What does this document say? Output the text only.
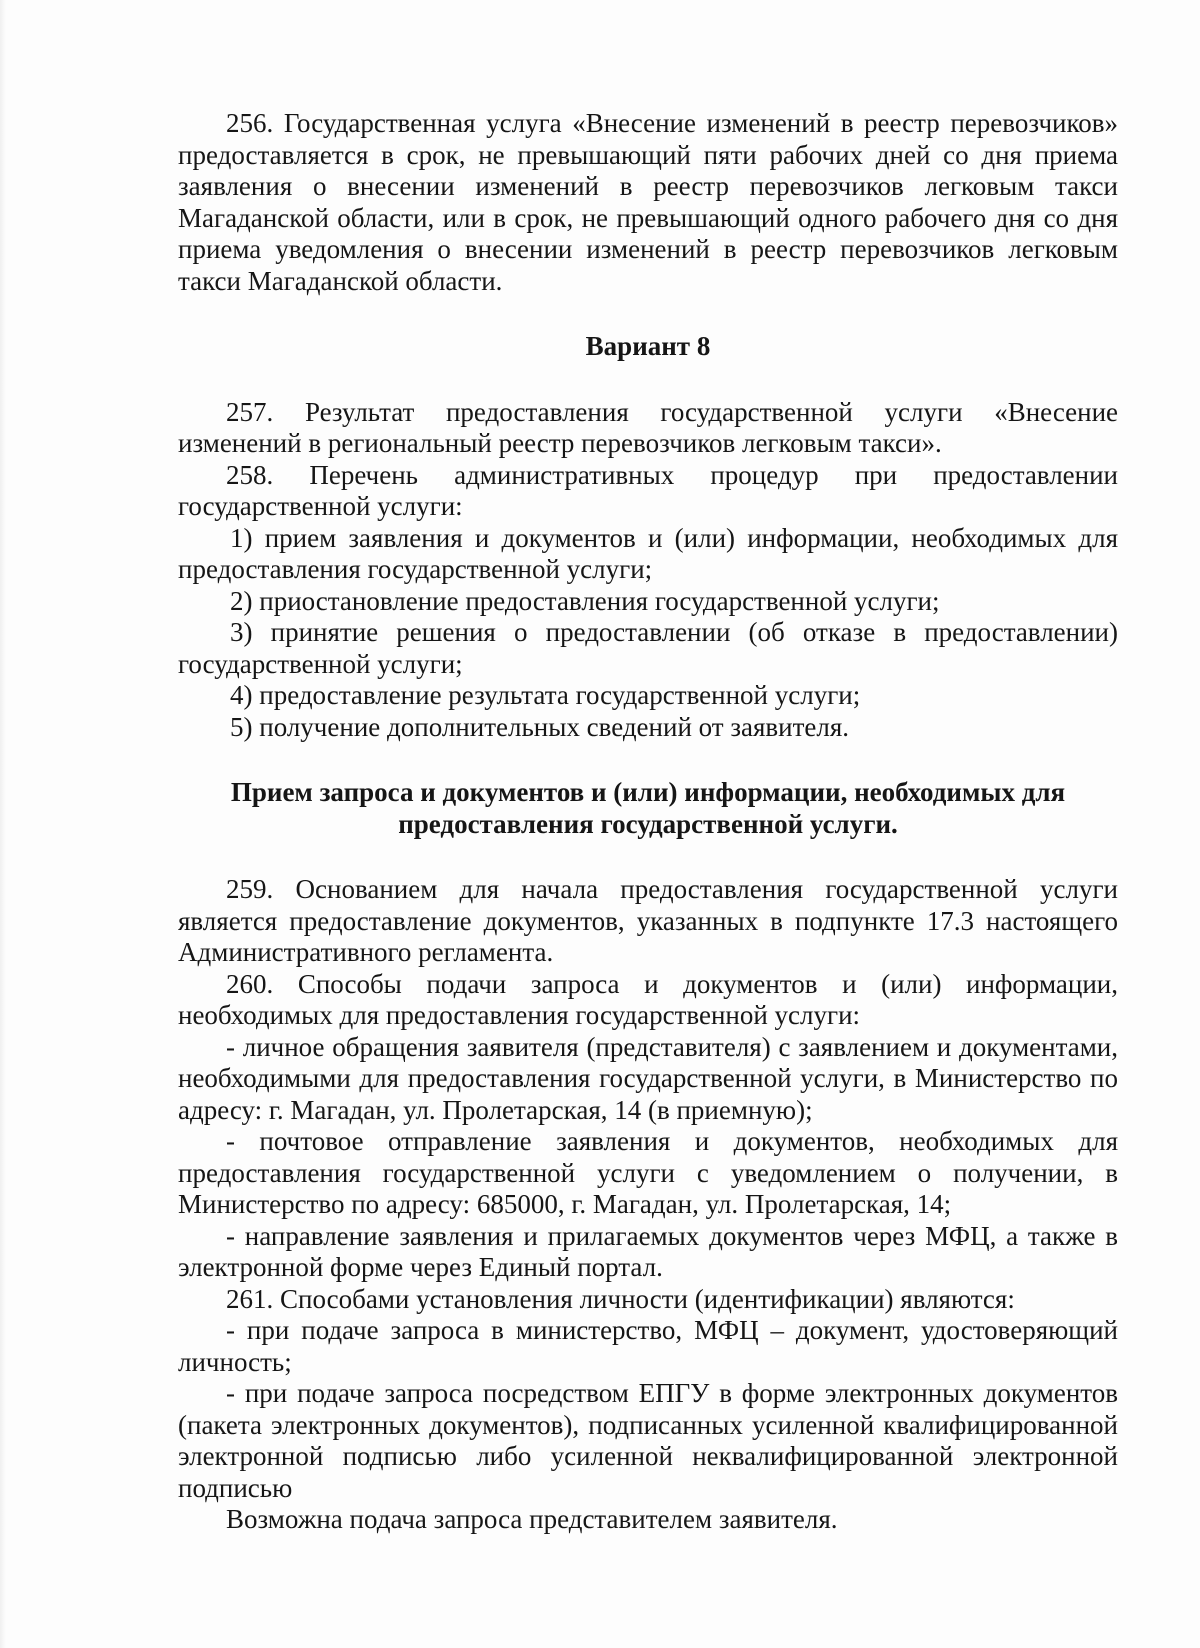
256. Государственная услуга «Внесение изменений в реестр перевозчиков» предоставляется в срок, не превышающий пяти рабочих дней со дня приема заявления о внесении изменений в реестр перевозчиков легковым такси Магаданской области, или в срок, не превышающий одного рабочего дня со дня приема уведомления о внесении изменений в реестр перевозчиков легковым такси Магаданской области.

Вариант 8

257. Результат предоставления государственной услуги «Внесение изменений в региональный реестр перевозчиков легковым такси».

258. Перечень административных процедур при предоставлении государственной услуги:

1) прием заявления и документов и (или) информации, необходимых для предоставления государственной услуги;

2) приостановление предоставления государственной услуги;

3) принятие решения о предоставлении (об отказе в предоставлении) государственной услуги;

4) предоставление результата государственной услуги;

5) получение дополнительных сведений от заявителя.

Прием запроса и документов и (или) информации, необходимых для
предоставления государственной услуги.

259. Основанием для начала предоставления государственной услуги является предоставление документов, указанных в подпункте 17.3 настоящего Административного регламента.

260. Способы подачи запроса и документов и (или) информации, необходимых для предоставления государственной услуги:

- личное обращения заявителя (представителя) с заявлением и документами, необходимыми для предоставления государственной услуги, в Министерство по адресу: г. Магадан, ул. Пролетарская, 14 (в приемную);

- почтовое отправление заявления и документов, необходимых для предоставления государственной услуги с уведомлением о получении, в Министерство по адресу: 685000, г. Магадан, ул. Пролетарская, 14;

- направление заявления и прилагаемых документов через МФЦ, а также в электронной форме через Единый портал.

261. Способами установления личности (идентификации) являются:

- при подаче запроса в министерство, МФЦ – документ, удостоверяющий личность;

- при подаче запроса посредством ЕПГУ в форме электронных документов (пакета электронных документов), подписанных усиленной квалифицированной электронной подписью либо усиленной неквалифицированной электронной подписью

Возможна подача запроса представителем заявителя.
